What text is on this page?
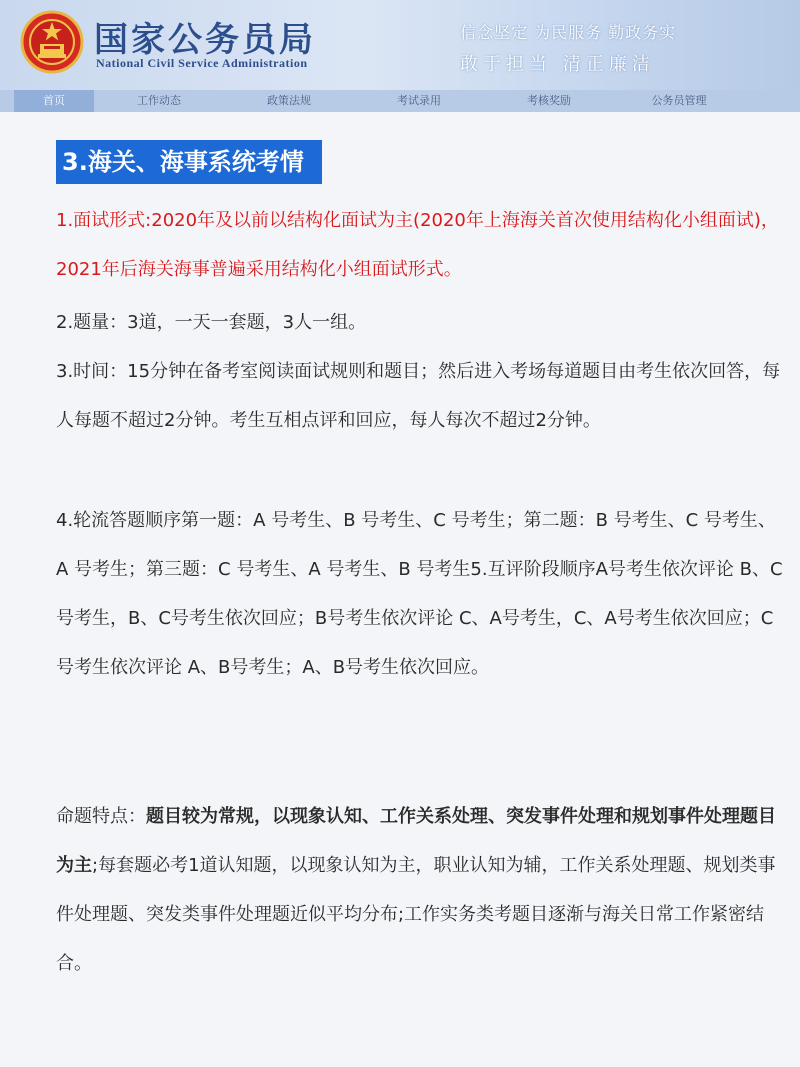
国家公务员局
National Civil Service Administration
信念坚定 为民服务 勤政务实
敢于担当 清正廉洁
首页	工作动态	政策法规	考试录用	考核奖励	公务员管理
3.海关、海事系统考情
1.面试形式:2020年及以前以结构化面试为主(2020年上海海关首次使用结构化小组面试)，2021年后海关海事普遍采用结构化小组面试形式。
2.题量：3道，一天一套题，3人一组。
3.时间：15分钟在备考室阅读面试规则和题目；然后进入考场每道题目由考生依次回答，每人每题不超过2分钟。考生互相点评和回应，每人每次不超过2分钟。
4.轮流答题顺序第一题：A 号考生、B 号考生、C 号考生；第二题：B 号考生、C 号考生、A 号考生；第三题：C 号考生、A 号考生、B 号考生5.互评阶段顺序A号考生依次评论 B、C号考生，B、C号考生依次回应；B号考生依次评论 C、A号考生，C、A号考生依次回应；C号考生依次评论 A、B号考生；A、B号考生依次回应。
命题特点：题目较为常规，以现象认知、工作关系处理、突发事件处理和规划事件处理题目为主;每套题必考1道认知题，以现象认知为主，职业认知为辅，工作关系处理题、规划类事件处理题、突发类事件处理题近似平均分布;工作实务类考题目逐渐与海关日常工作紧密结合。
